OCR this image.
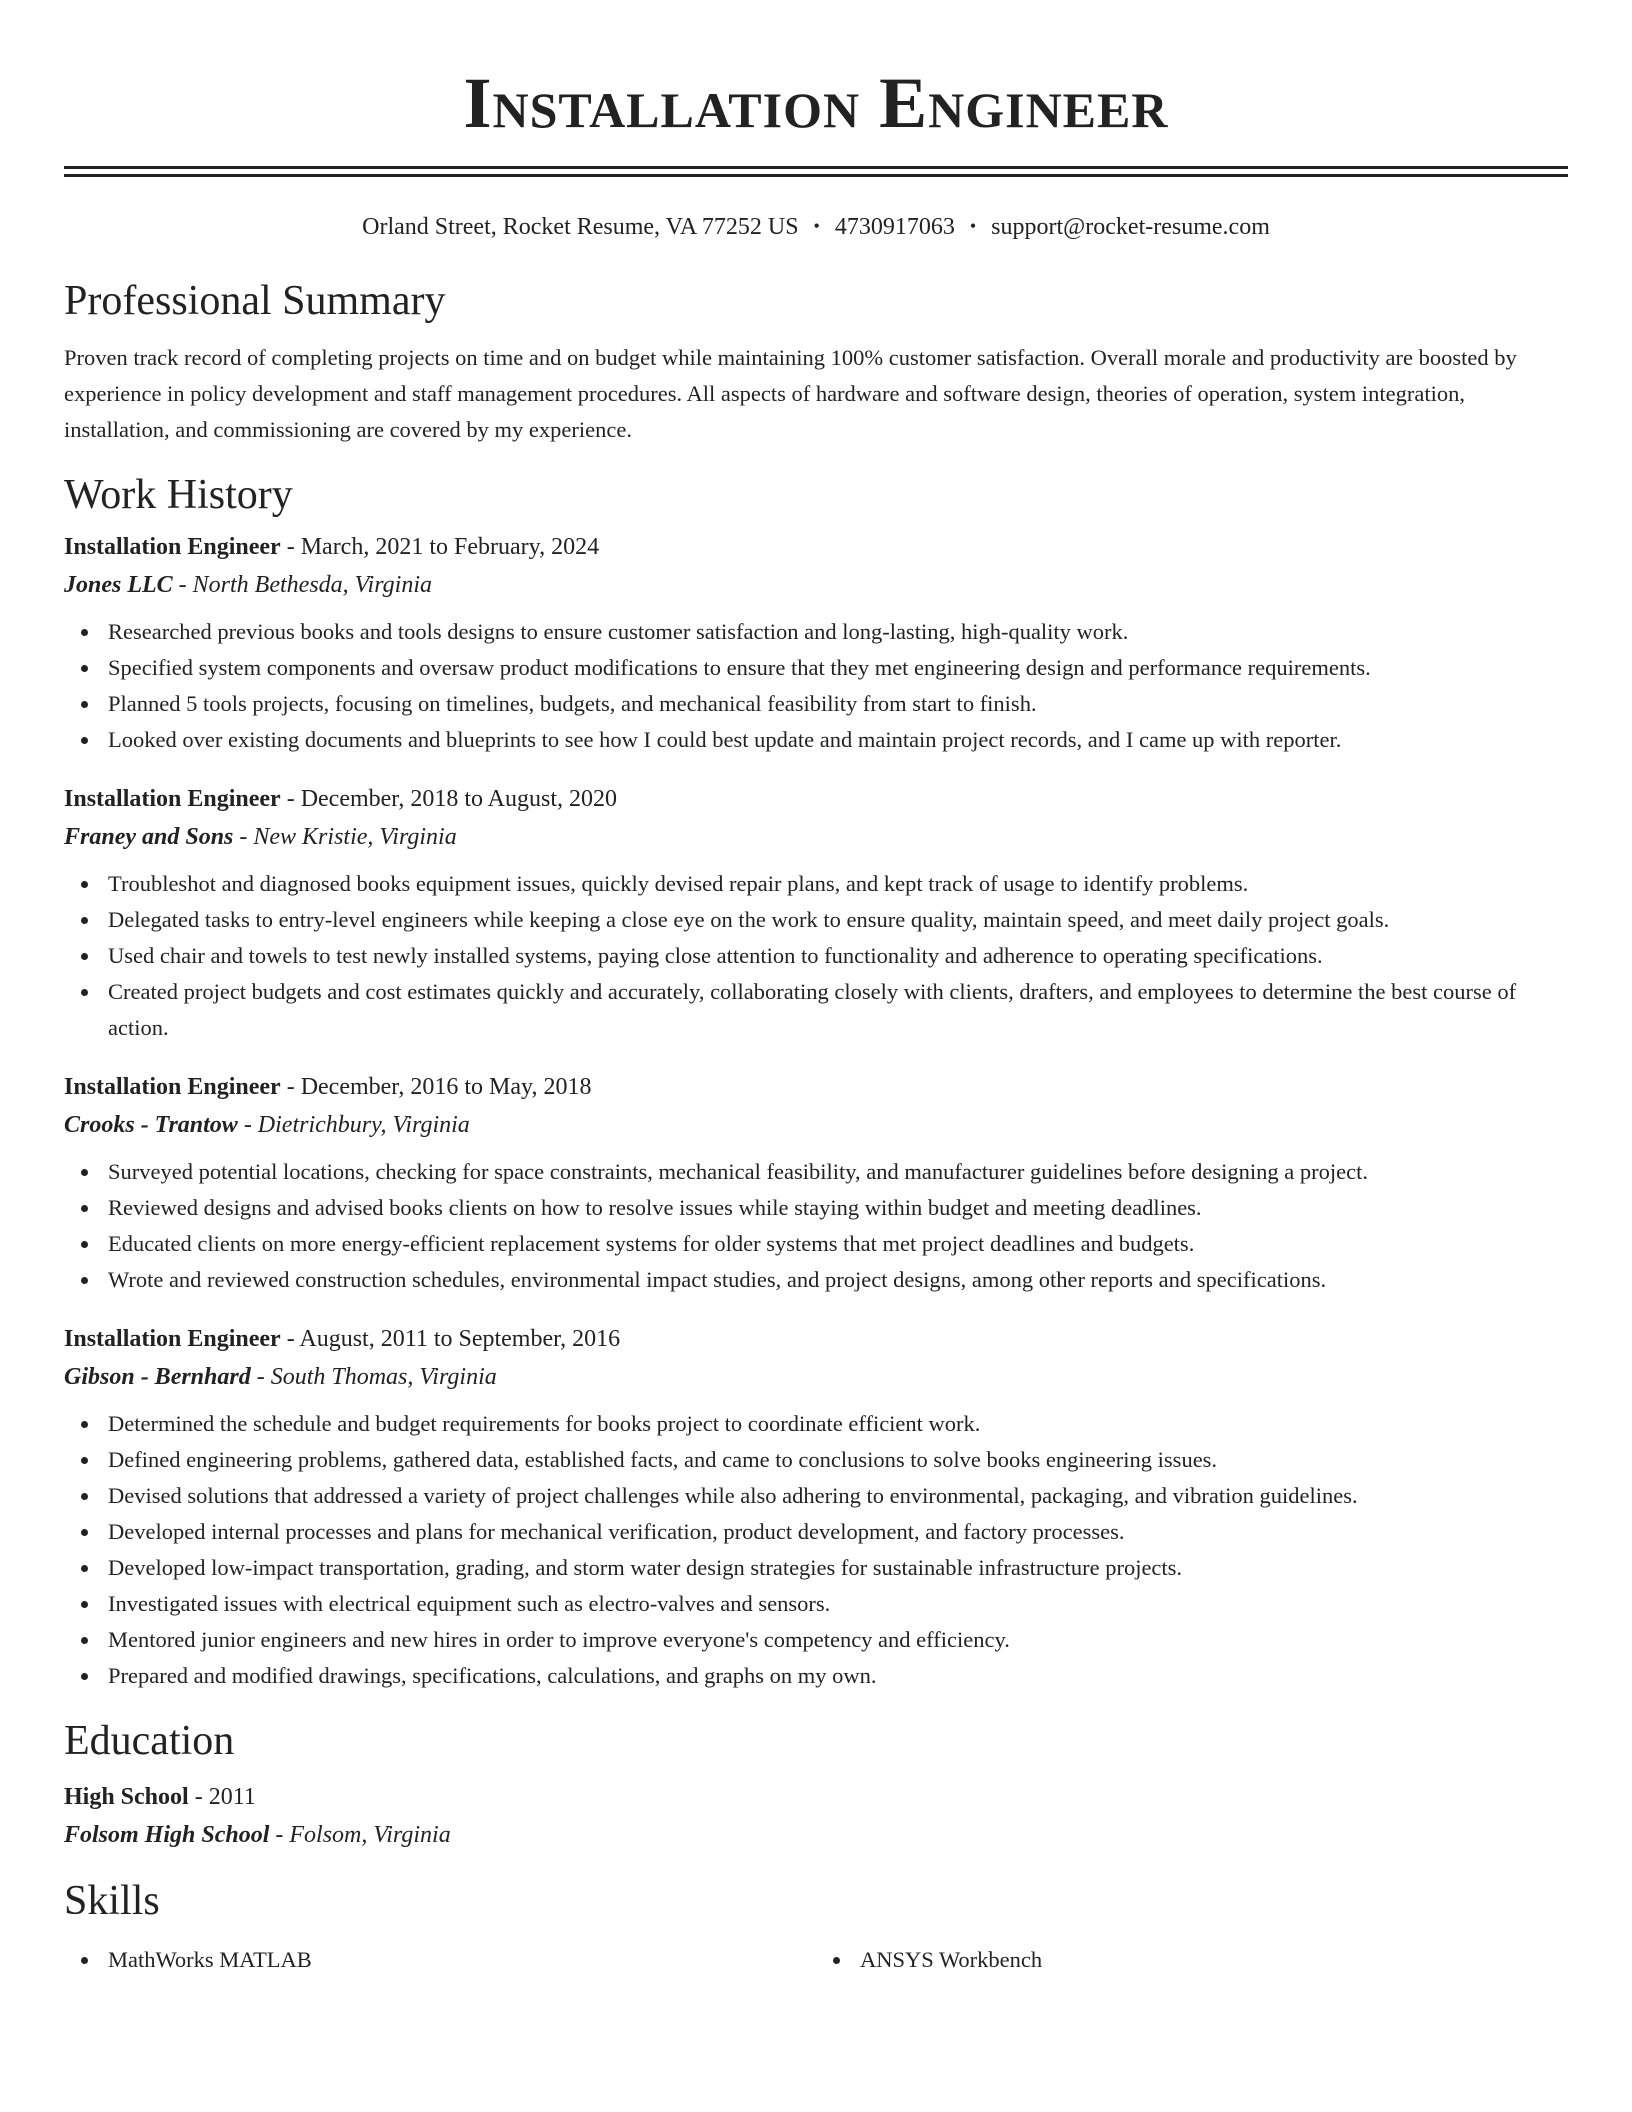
Installation Engineer
Orland Street, Rocket Resume, VA 77252 US • 4730917063 • support@rocket-resume.com
Professional Summary

Proven track record of completing projects on time and on budget while maintaining 100% customer satisfaction. Overall morale and productivity are boosted by experience in policy development and staff management procedures. All aspects of hardware and software design, theories of operation, system integration, installation, and commissioning are covered by my experience.

Work History
Installation Engineer - March, 2021 to February, 2024
Jones LLC - North Bethesda, Virginia
Researched previous books and tools designs to ensure customer satisfaction and long-lasting, high-quality work.
Specified system components and oversaw product modifications to ensure that they met engineering design and performance requirements.
Planned 5 tools projects, focusing on timelines, budgets, and mechanical feasibility from start to finish.
Looked over existing documents and blueprints to see how I could best update and maintain project records, and I came up with reporter.
Installation Engineer - December, 2018 to August, 2020
Franey and Sons - New Kristie, Virginia
Troubleshot and diagnosed books equipment issues, quickly devised repair plans, and kept track of usage to identify problems.
Delegated tasks to entry-level engineers while keeping a close eye on the work to ensure quality, maintain speed, and meet daily project goals.
Used chair and towels to test newly installed systems, paying close attention to functionality and adherence to operating specifications.
Created project budgets and cost estimates quickly and accurately, collaborating closely with clients, drafters, and employees to determine the best course of action.
Installation Engineer - December, 2016 to May, 2018
Crooks - Trantow - Dietrichbury, Virginia
Surveyed potential locations, checking for space constraints, mechanical feasibility, and manufacturer guidelines before designing a project.
Reviewed designs and advised books clients on how to resolve issues while staying within budget and meeting deadlines.
Educated clients on more energy-efficient replacement systems for older systems that met project deadlines and budgets.
Wrote and reviewed construction schedules, environmental impact studies, and project designs, among other reports and specifications.
Installation Engineer - August, 2011 to September, 2016
Gibson - Bernhard - South Thomas, Virginia
Determined the schedule and budget requirements for books project to coordinate efficient work.
Defined engineering problems, gathered data, established facts, and came to conclusions to solve books engineering issues.
Devised solutions that addressed a variety of project challenges while also adhering to environmental, packaging, and vibration guidelines.
Developed internal processes and plans for mechanical verification, product development, and factory processes.
Developed low-impact transportation, grading, and storm water design strategies for sustainable infrastructure projects.
Investigated issues with electrical equipment such as electro-valves and sensors.
Mentored junior engineers and new hires in order to improve everyone's competency and efficiency.
Prepared and modified drawings, specifications, calculations, and graphs on my own.
Education
High School - 2011
Folsom High School - Folsom, Virginia
Skills
MathWorks MATLAB	ANSYS Workbench
